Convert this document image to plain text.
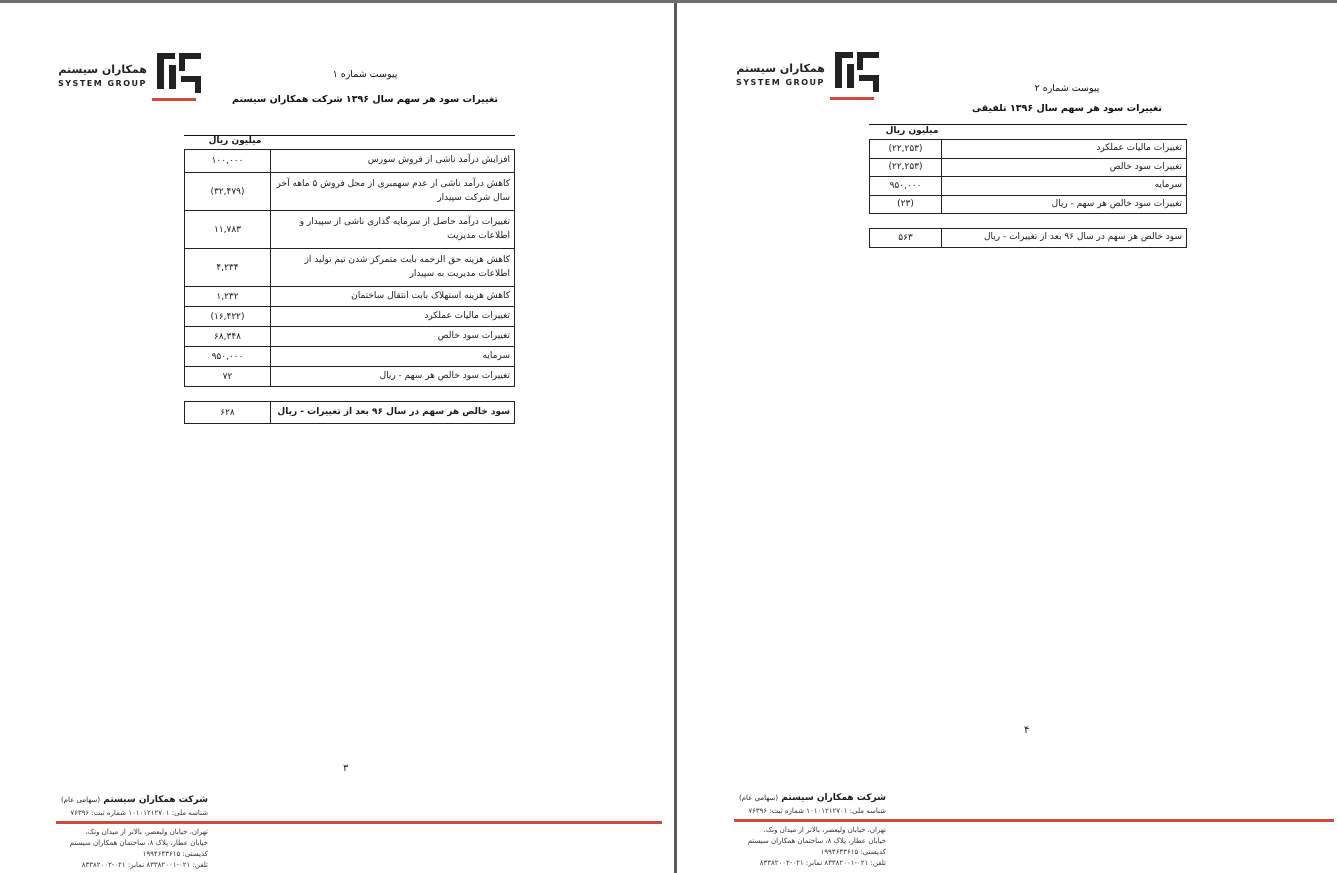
همکاران سیستم
SYSTEM GROUP
پیوست شماره ۱
تغییرات سود هر سهم سال ۱۳۹۶ شرکت همکاران سیستم
میلیون ریال
افزایش درآمد ناشی از فروش سورس	۱۰۰,۰۰۰
کاهش درآمد ناشی از عدم سهمبری از محل فروش ۵ ماهه آخر سال شرکت سپیدار	(۳۲,۴۷۹)
تغییرات درآمد حاصل از سرمایه گذاری ناشی از سپیدار و اطلاعات مدیریت	۱۱,۷۸۳
کاهش هزینه حق الزحمه بابت متمرکز شدن تیم تولید از اطلاعات مدیریت به سپیدار	۴,۲۳۴
کاهش هزینه استهلاک بابت انتقال ساختمان	۱,۲۳۲
تغییرات مالیات عملکرد	(۱۶,۴۲۲)
تغییرات سود خالص	۶۸,۳۴۸
سرمایه	۹۵۰,۰۰۰
تغییرات سود خالص هر سهم - ریال	۷۲
سود خالص هر سهم در سال ۹۶ بعد از تغییرات - ریال	۶۲۸
۳
شرکت همکاران سیستم (سهامی عام)
شناسه ملی: ۱۰۱۰۱۲۱۲۷۰۱ شماره ثبت: ۷۶۳۹۶
تهران، خیابان ولیعصر، بالاتر از میدان ونک،
خیابان عطار، پلاک ۸، ساختمان همکاران سیستم
کدپستی: ۱۹۹۴۶۴۳۶۱۵
تلفن: ۰۲۱-۸۳۳۸۲۰۰۱ نمابر: ۰۲۱-۸۳۳۸۲۰۰۲
همکاران سیستم
SYSTEM GROUP
پیوست شماره ۲
تغییرات سود هر سهم سال ۱۳۹۶ تلفیقی
میلیون ریال
تغییرات مالیات عملکرد	(۲۲,۲۵۳)
تغییرات سود خالص	(۲۲,۲۵۳)
سرمایه	۹۵۰,۰۰۰
تغییرات سود خالص هر سهم - ریال	(۲۳)
سود خالص هر سهم در سال ۹۶ بعد از تغییرات - ریال	۵۶۳
۴
شرکت همکاران سیستم (سهامی عام)
شناسه ملی: ۱۰۱۰۱۲۱۲۷۰۱ شماره ثبت: ۷۶۳۹۶
تهران، خیابان ولیعصر، بالاتر از میدان ونک،
خیابان عطار، پلاک ۸، ساختمان همکاران سیستم
کدپستی: ۱۹۹۴۶۴۳۶۱۵
تلفن: ۰۲۱-۸۳۳۸۲۰۰۱ نمابر: ۰۲۱-۸۳۳۸۲۰۰۲
